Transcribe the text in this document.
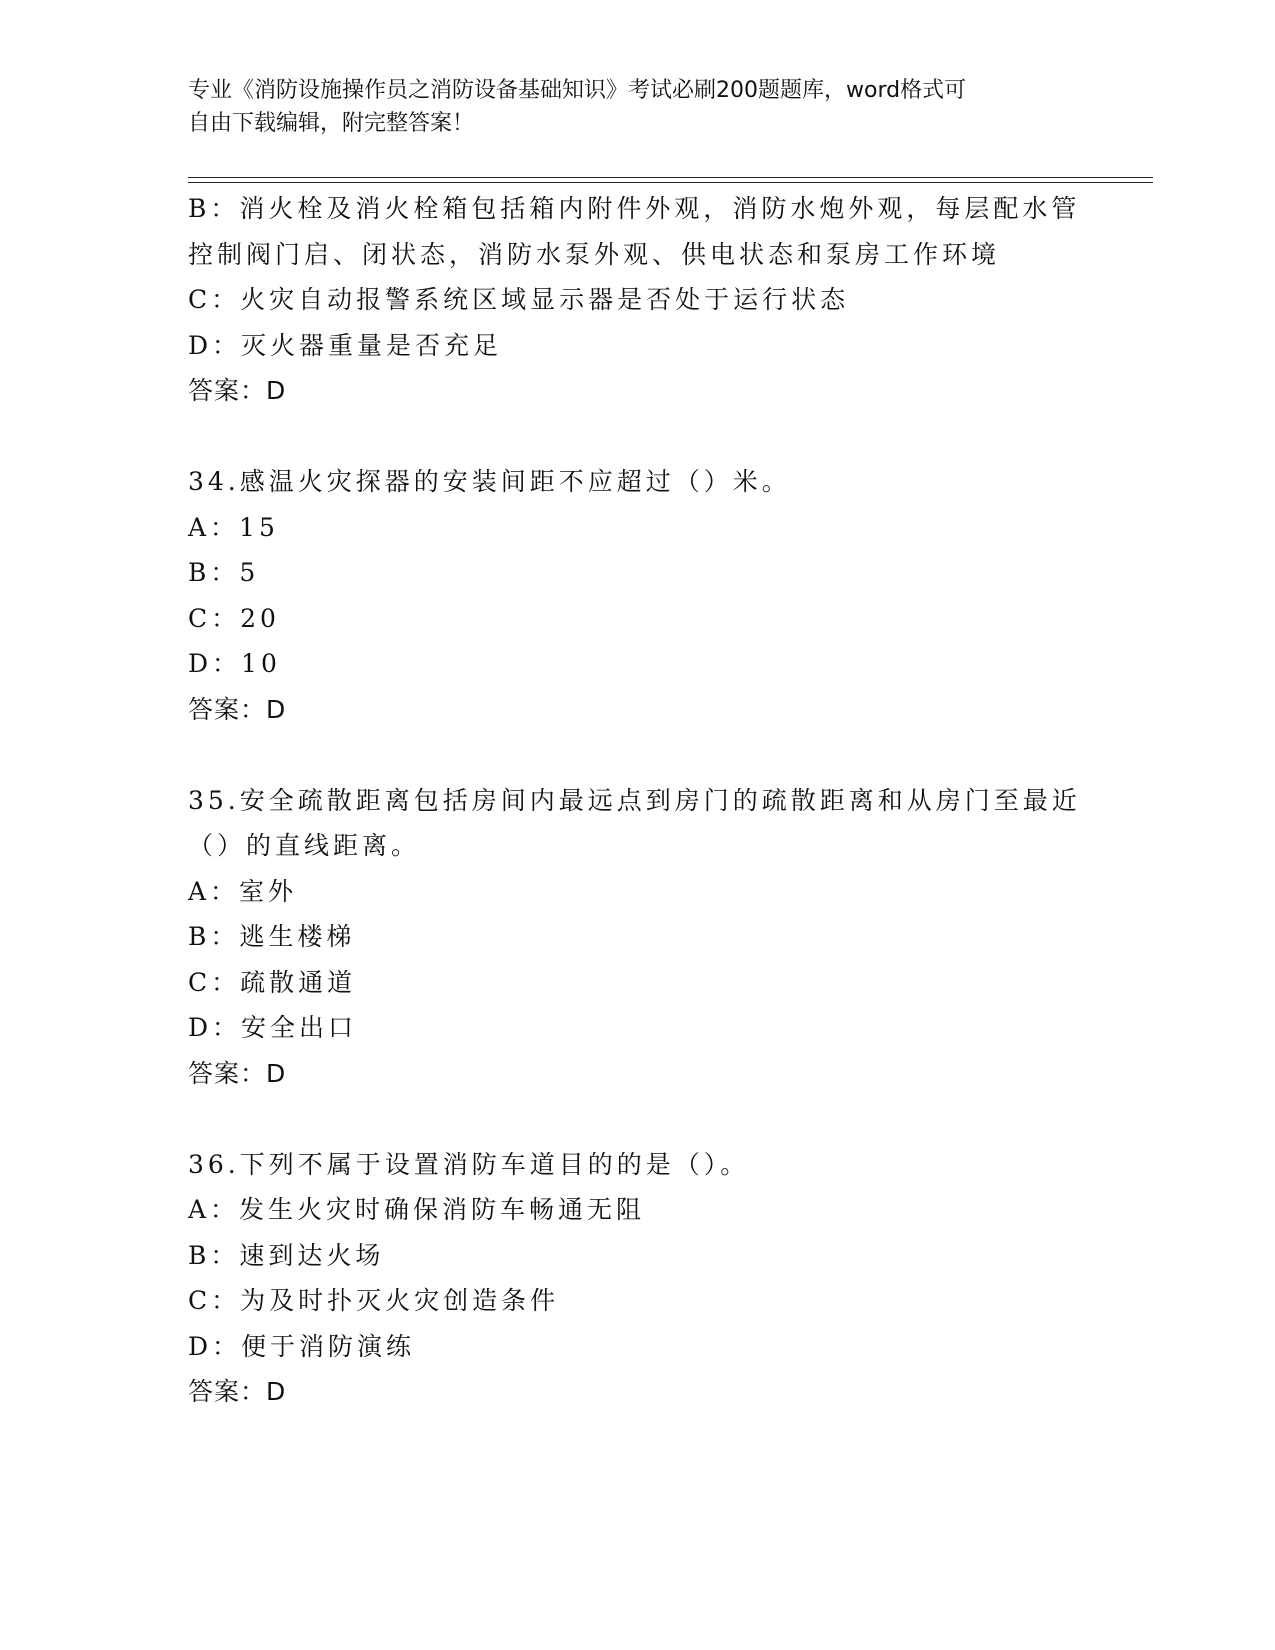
专业《消防设施操作员之消防设备基础知识》考试必刷200题题库，word格式可
自由下载编辑，附完整答案！
B：消火栓及消火栓箱包括箱内附件外观，消防水炮外观，每层配水管
控制阀门启、闭状态，消防水泵外观、供电状态和泵房工作环境
C：火灾自动报警系统区域显示器是否处于运行状态
D：灭火器重量是否充足
答案：D
34.感温火灾探器的安装间距不应超过（）米。
A：15
B：5
C：20
D：10
答案：D
35.安全疏散距离包括房间内最远点到房门的疏散距离和从房门至最近
（）的直线距离。
A：室外
B：逃生楼梯
C：疏散通道
D：安全出口
答案：D
36.下列不属于设置消防车道目的的是（）。
A：发生火灾时确保消防车畅通无阻
B：速到达火场
C：为及时扑灭火灾创造条件
D：便于消防演练
答案：D
